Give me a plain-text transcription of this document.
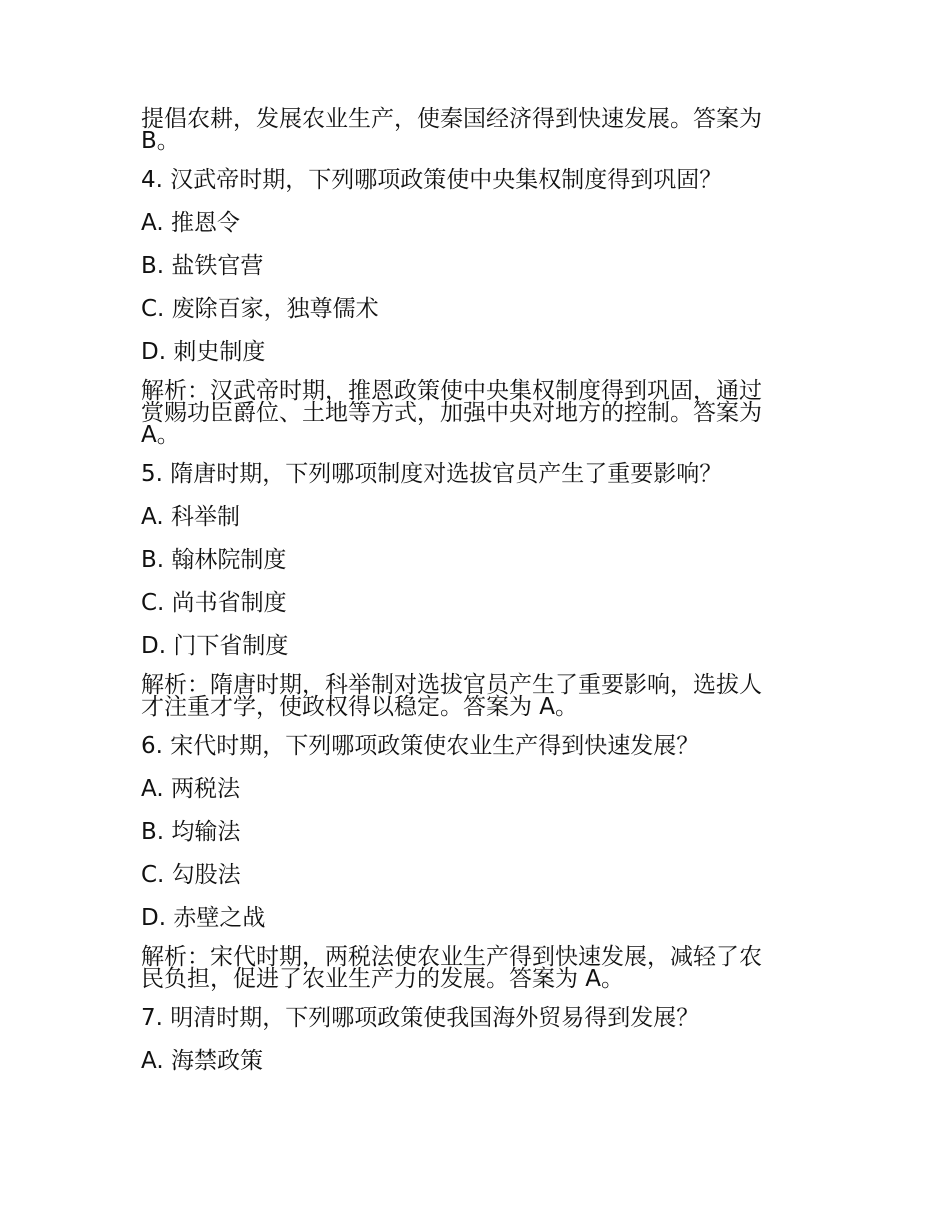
提倡农耕，发展农业生产，使秦国经济得到快速发展。答案为
B。

4. 汉武帝时期，下列哪项政策使中央集权制度得到巩固？

A. 推恩令

B. 盐铁官营

C. 废除百家，独尊儒术

D. 刺史制度

解析：汉武帝时期，推恩政策使中央集权制度得到巩固，通过
赏赐功臣爵位、土地等方式，加强中央对地方的控制。答案为
A。

5. 隋唐时期，下列哪项制度对选拔官员产生了重要影响？

A. 科举制

B. 翰林院制度

C. 尚书省制度

D. 门下省制度

解析：隋唐时期，科举制对选拔官员产生了重要影响，选拔人
才注重才学，使政权得以稳定。答案为 A。

6. 宋代时期，下列哪项政策使农业生产得到快速发展？

A. 两税法

B. 均输法

C. 勾股法

D. 赤壁之战

解析：宋代时期，两税法使农业生产得到快速发展，减轻了农
民负担，促进了农业生产力的发展。答案为 A。

7. 明清时期，下列哪项政策使我国海外贸易得到发展？

A. 海禁政策
